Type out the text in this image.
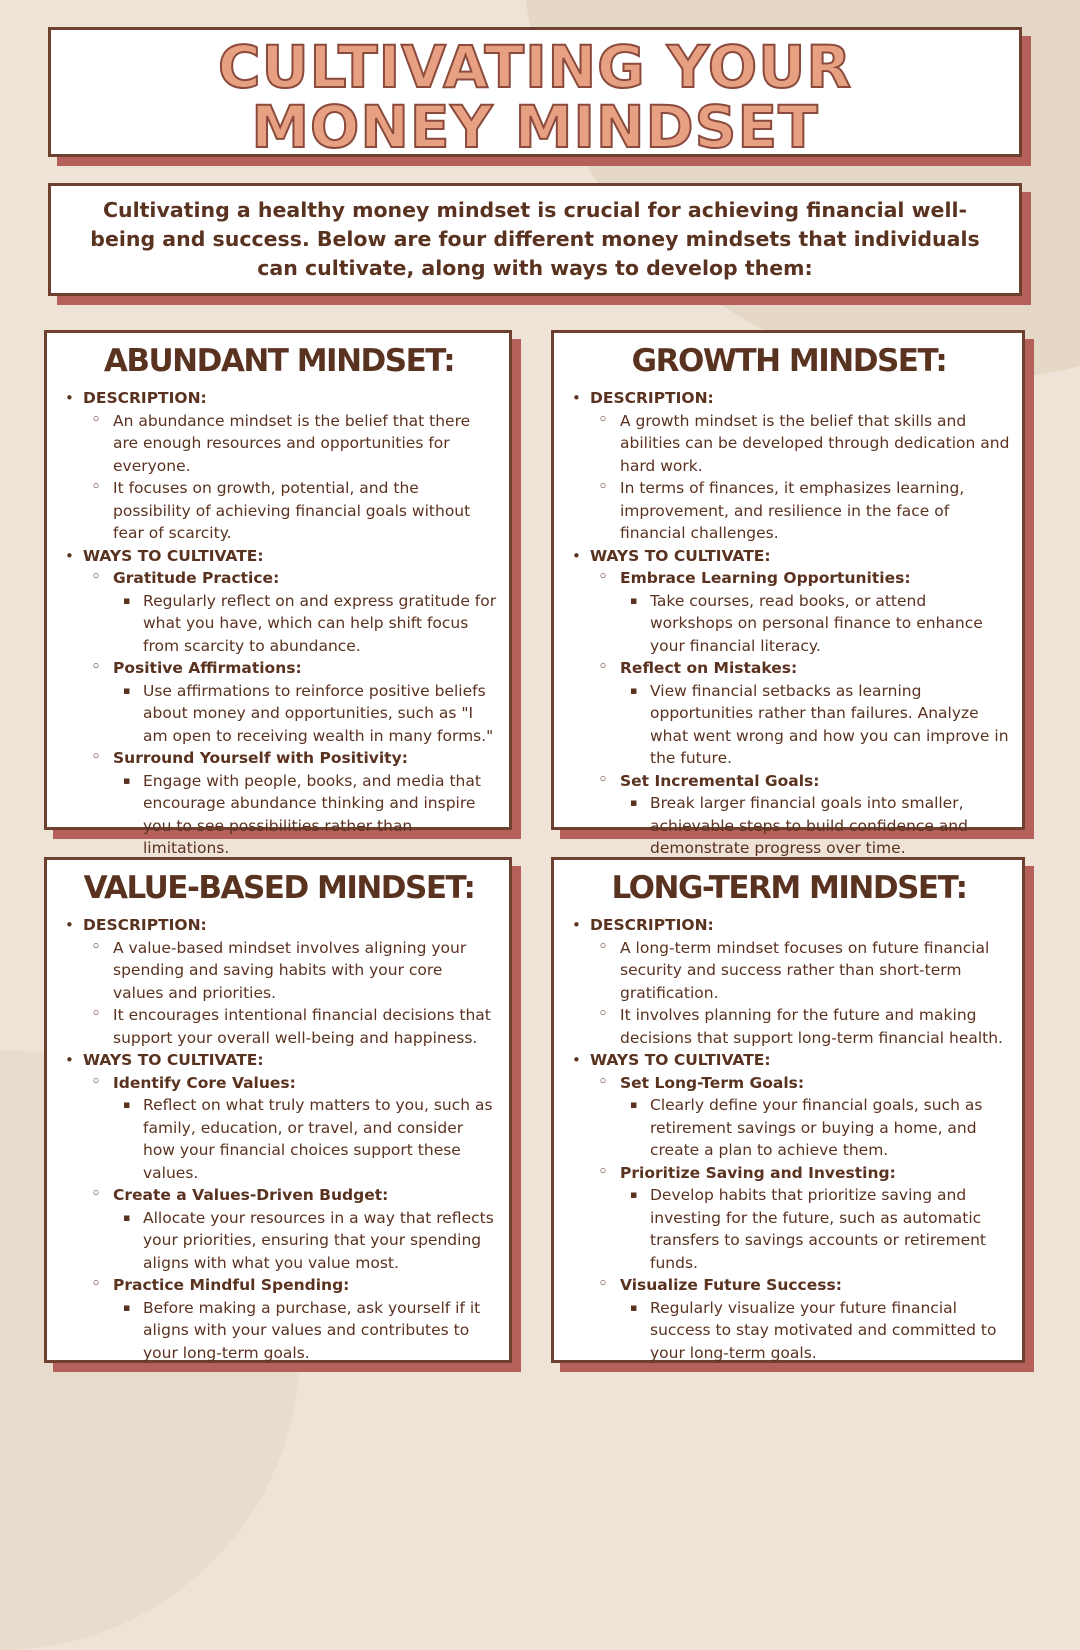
CULTIVATING YOUR
MONEY MINDSET

Cultivating a healthy money mindset is crucial for achieving financial well-being and success. Below are four different money mindsets that individuals can cultivate, along with ways to develop them:

ABUNDANT MINDSET:
• DESCRIPTION:
◦ An abundance mindset is the belief that there are enough resources and opportunities for everyone.
◦ It focuses on growth, potential, and the possibility of achieving financial goals without fear of scarcity.
• WAYS TO CULTIVATE:
◦ Gratitude Practice:
▪ Regularly reflect on and express gratitude for what you have, which can help shift focus from scarcity to abundance.
◦ Positive Affirmations:
▪ Use affirmations to reinforce positive beliefs about money and opportunities, such as "I am open to receiving wealth in many forms."
◦ Surround Yourself with Positivity:
▪ Engage with people, books, and media that encourage abundance thinking and inspire you to see possibilities rather than limitations.
GROWTH MINDSET:
• DESCRIPTION:
◦ A growth mindset is the belief that skills and abilities can be developed through dedication and hard work.
◦ In terms of finances, it emphasizes learning, improvement, and resilience in the face of financial challenges.
• WAYS TO CULTIVATE:
◦ Embrace Learning Opportunities:
▪ Take courses, read books, or attend workshops on personal finance to enhance your financial literacy.
◦ Reflect on Mistakes:
▪ View financial setbacks as learning opportunities rather than failures. Analyze what went wrong and how you can improve in the future.
◦ Set Incremental Goals:
▪ Break larger financial goals into smaller, achievable steps to build confidence and demonstrate progress over time.
VALUE-BASED MINDSET:
• DESCRIPTION:
◦ A value-based mindset involves aligning your spending and saving habits with your core values and priorities.
◦ It encourages intentional financial decisions that support your overall well-being and happiness.
• WAYS TO CULTIVATE:
◦ Identify Core Values:
▪ Reflect on what truly matters to you, such as family, education, or travel, and consider how your financial choices support these values.
◦ Create a Values-Driven Budget:
▪ Allocate your resources in a way that reflects your priorities, ensuring that your spending aligns with what you value most.
◦ Practice Mindful Spending:
▪ Before making a purchase, ask yourself if it aligns with your values and contributes to your long-term goals.
LONG-TERM MINDSET:
• DESCRIPTION:
◦ A long-term mindset focuses on future financial security and success rather than short-term gratification.
◦ It involves planning for the future and making decisions that support long-term financial health.
• WAYS TO CULTIVATE:
◦ Set Long-Term Goals:
▪ Clearly define your financial goals, such as retirement savings or buying a home, and create a plan to achieve them.
◦ Prioritize Saving and Investing:
▪ Develop habits that prioritize saving and investing for the future, such as automatic transfers to savings accounts or retirement funds.
◦ Visualize Future Success:
▪ Regularly visualize your future financial success to stay motivated and committed to your long-term goals.
